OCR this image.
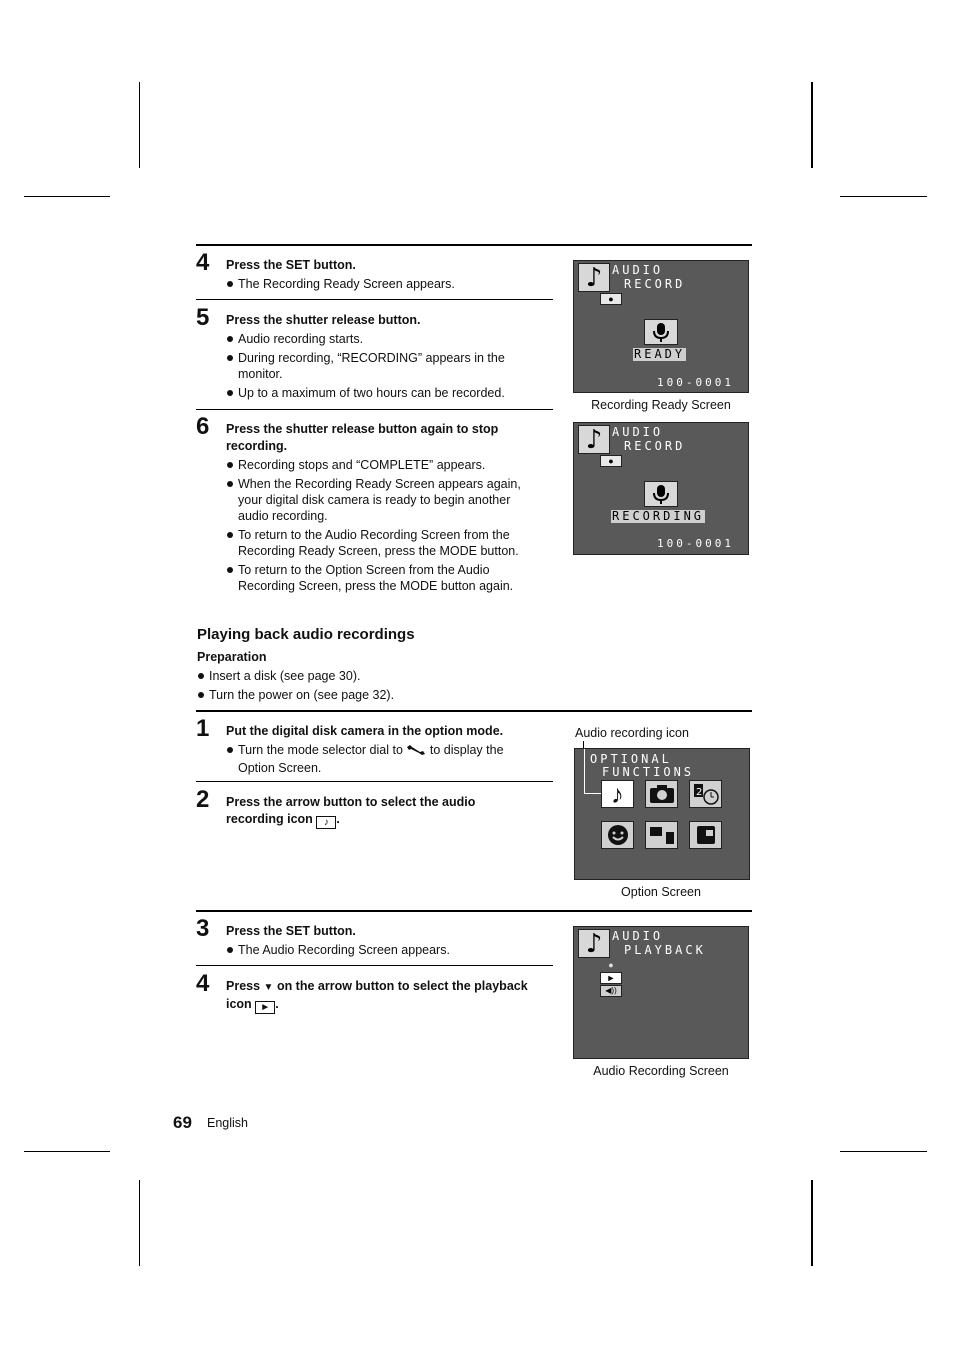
4 Press the SET button.
The Recording Ready Screen appears.
5 Press the shutter release button.
Audio recording starts.
During recording, “RECORDING” appears in the monitor.
Up to a maximum of two hours can be recorded.
6 Press the shutter release button again to stop recording.
Recording stops and “COMPLETE” appears.
When the Recording Ready Screen appears again, your digital disk camera is ready to begin another audio recording.
To return to the Audio Recording Screen from the Recording Ready Screen, press the MODE button.
To return to the Option Screen from the Audio Recording Screen, press the MODE button again.
♪ AUDIO
RECORD
●
READY
100-0001
Recording Ready Screen
♪ AUDIO
RECORD
●
RECORDING
100-0001
Playing back audio recordings
Preparation
Insert a disk (see page 30).
Turn the power on (see page 32).
1 Put the digital disk camera in the option mode.
Turn the mode selector dial to to display the Option Screen.
2 Press the arrow button to select the audio recording icon ♪ .
Audio recording icon
OPTIONAL
FUNCTIONS
♪	2
Option Screen
3 Press the SET button.
The Audio Recording Screen appears.
4 Press ▼ on the arrow button to select the playback icon ► .
♪ AUDIO
PLAYBACK
●
►
◀))
Audio Recording Screen
69 English
